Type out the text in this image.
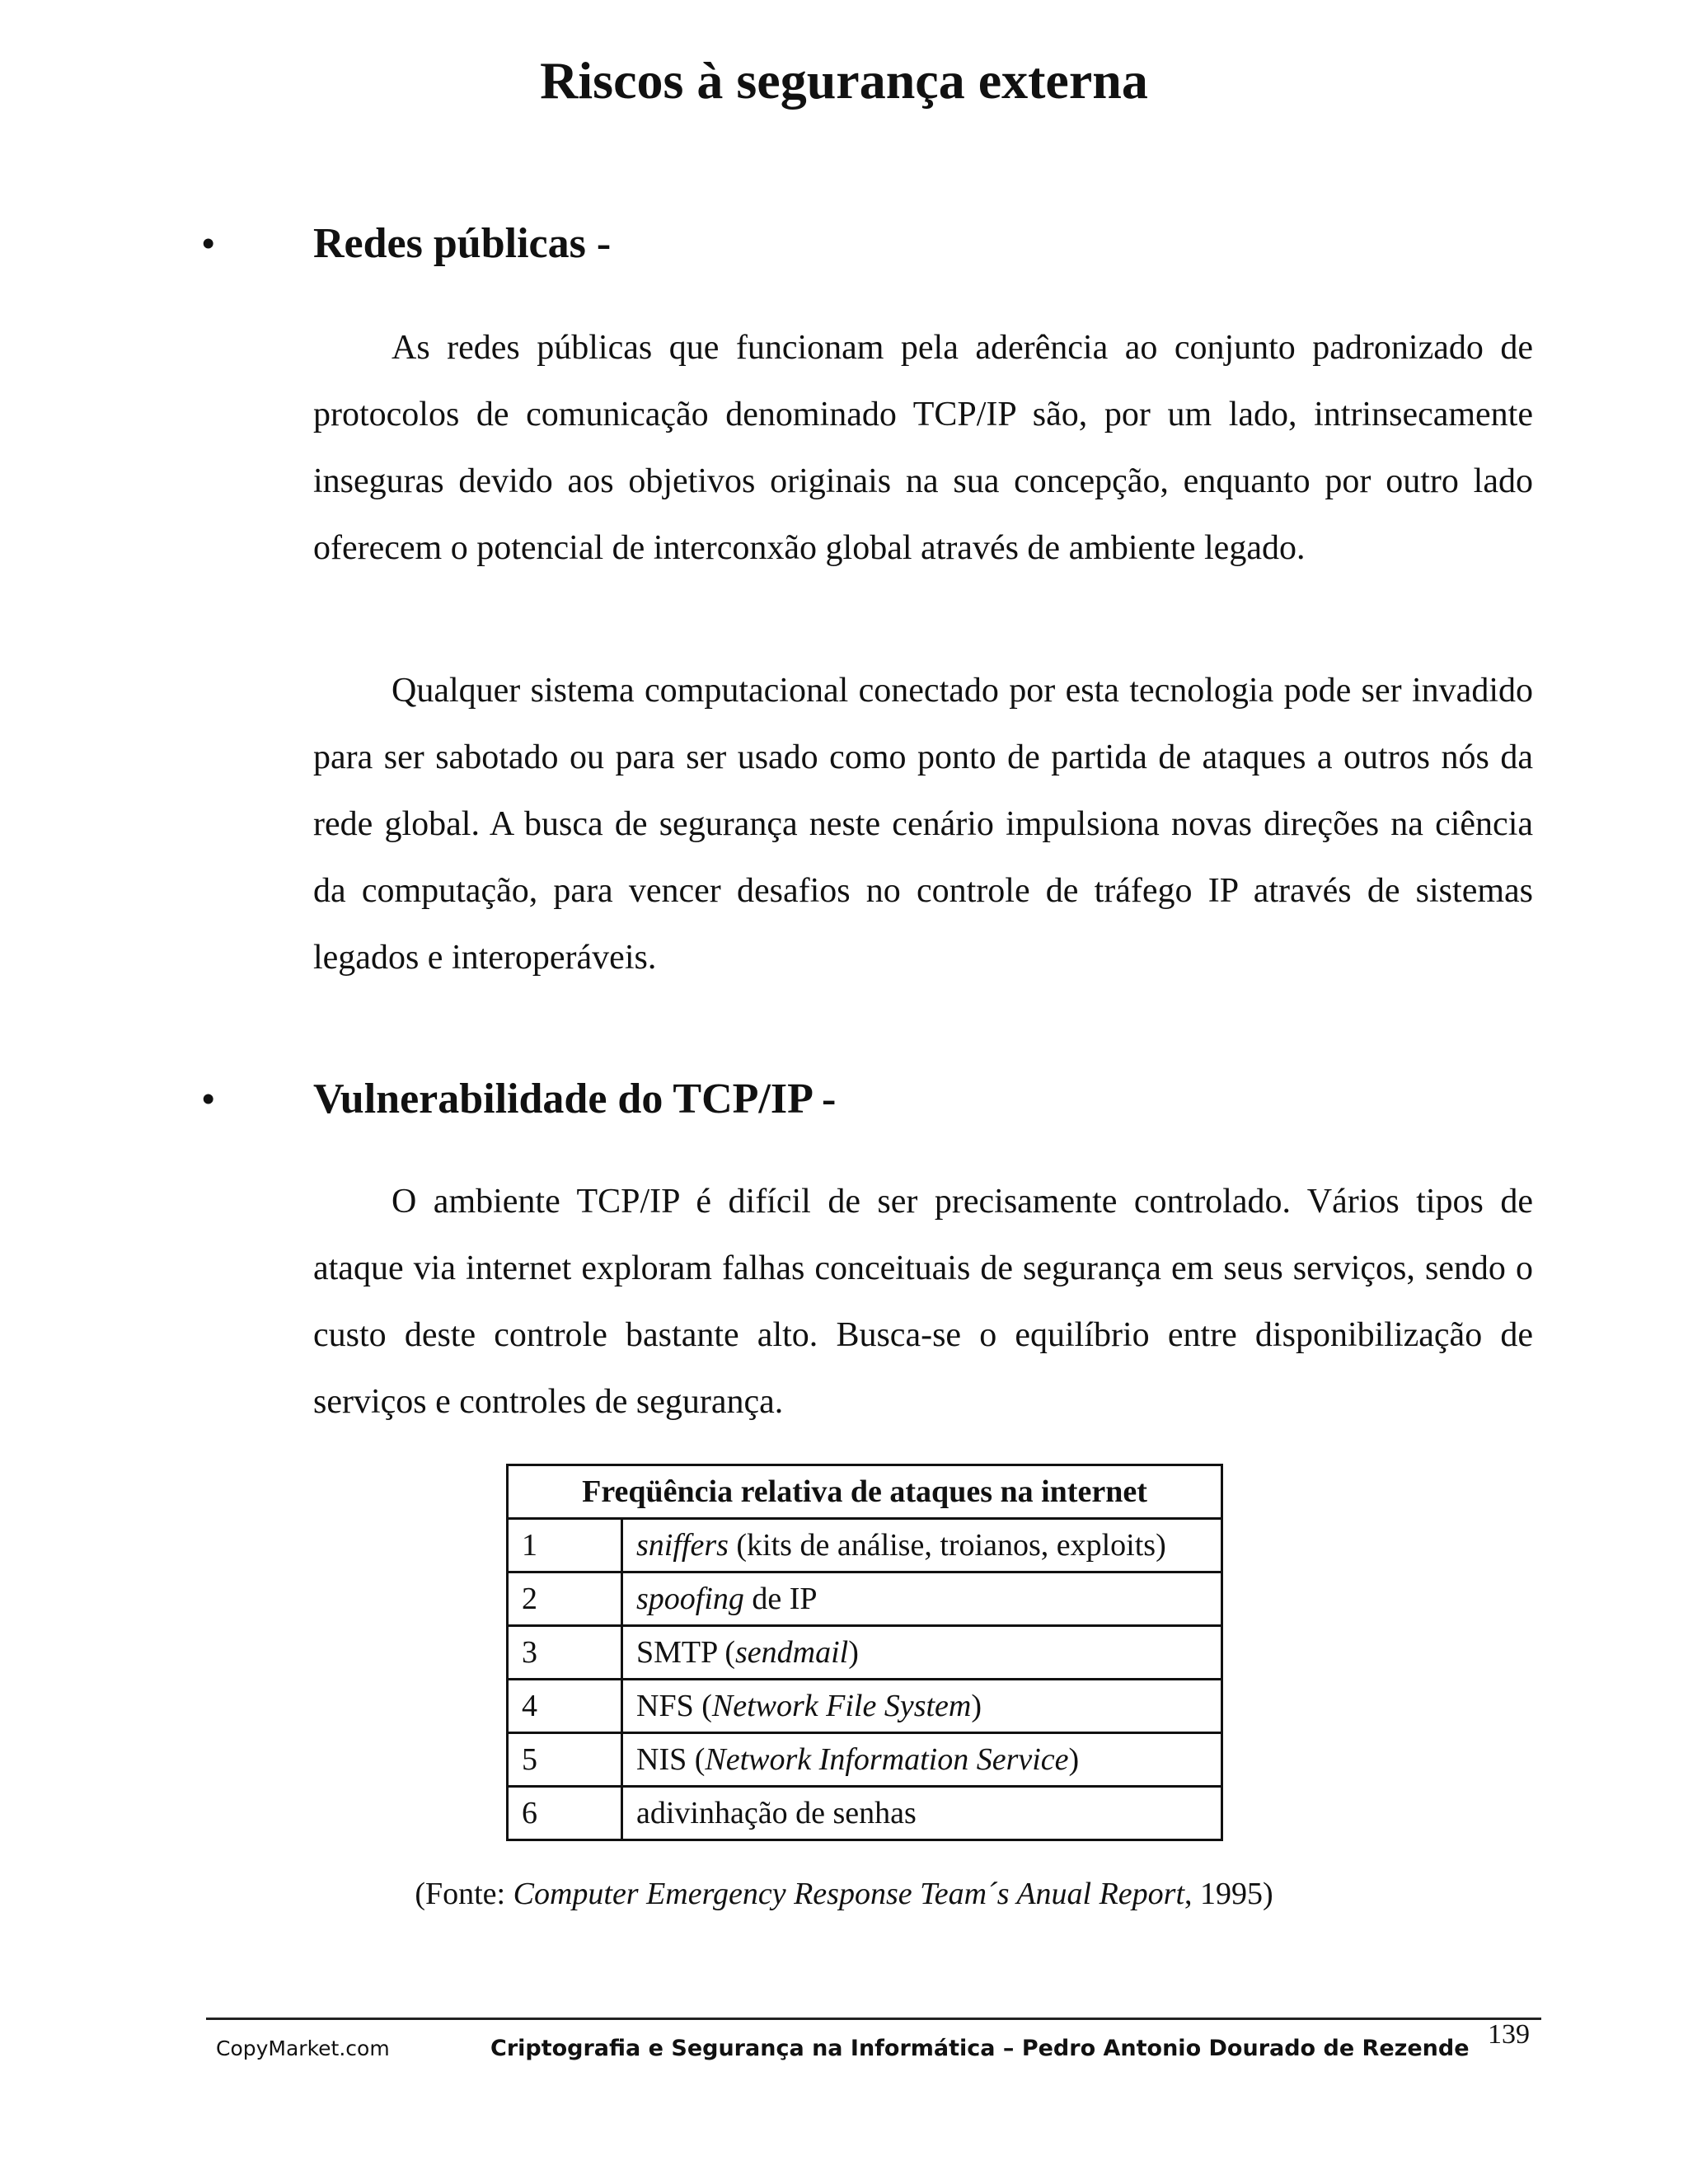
Riscos à segurança externa
• Redes públicas -

As redes públicas que funcionam pela aderência ao conjunto padronizado de protocolos de comunicação denominado TCP/IP são, por um lado, intrinsecamente inseguras devido aos objetivos originais na sua concepção, enquanto por outro lado oferecem o potencial de interconxão global através de ambiente legado.

Qualquer sistema computacional conectado por esta tecnologia pode ser invadido para ser sabotado ou para ser usado como ponto de partida de ataques a outros nós da rede global. A busca de segurança neste cenário impulsiona novas direções na ciência da computação, para vencer desafios no controle de tráfego IP através de sistemas legados e interoperáveis.

• Vulnerabilidade do TCP/IP -

O ambiente TCP/IP é difícil de ser precisamente controlado. Vários tipos de ataque via internet exploram falhas conceituais de segurança em seus serviços, sendo o custo deste controle bastante alto. Busca-se o equilíbrio entre disponibilização de serviços e controles de segurança.

Freqüência relativa de ataques na internet	
1	sniffers (kits de análise, troianos, exploits)
2	spoofing de IP
3	SMTP (sendmail)
4	NFS (Network File System)
5	NIS (Network Information Service)
6	adivinhação de senhas

(Fonte: Computer Emergency Response Team´s Anual Report, 1995)

139
CopyMarket.com	Criptografia e Segurança na Informática – Pedro Antonio Dourado de Rezende
